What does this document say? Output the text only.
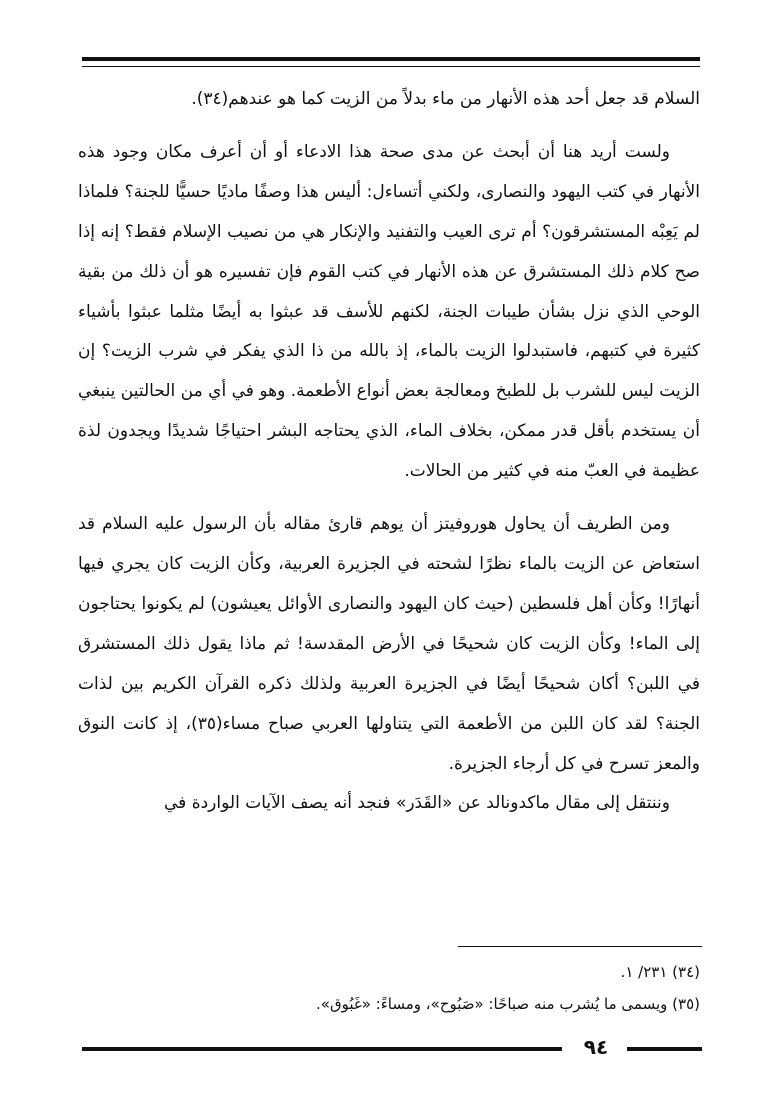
السلام قد جعل أحد هذه الأنهار من ماء بدلاً من الزيت كما هو عندهم(٣٤).

ولست أريد هنا أن أبحث عن مدى صحة هذا الادعاء أو أن أعرف مكان وجود هذه الأنهار في كتب اليهود والنصارى، ولكني أتساءل: أليس هذا وصفًا ماديًا حسيًّا للجنة؟ فلماذا لم يَعِبْه المستشرقون؟ أم ترى العيب والتفنيد والإنكار هي من نصيب الإسلام فقط؟ إنه إذا صح كلام ذلك المستشرق عن هذه الأنهار في كتب القوم فإن تفسيره هو أن ذلك من بقية الوحي الذي نزل بشأن طيبات الجنة، لكنهم للأسف قد عبثوا به أيضًا مثلما عبثوا بأشياء كثيرة في كتبهم، فاستبدلوا الزيت بالماء، إذ بالله من ذا الذي يفكر في شرب الزيت؟ إن الزيت ليس للشرب بل للطبخ ومعالجة بعض أنواع الأطعمة. وهو في أي من الحالتين ينبغي أن يستخدم بأقل قدر ممكن، بخلاف الماء، الذي يحتاجه البشر احتياجًا شديدًا ويجدون لذة عظيمة في العبّ منه في كثير من الحالات.

ومن الطريف أن يحاول هوروفيتز أن يوهم قارئ مقاله بأن الرسول عليه السلام قد استعاض عن الزيت بالماء نظرًا لشحته في الجزيرة العربية، وكأن الزيت كان يجري فيها أنهارًا! وكأن أهل فلسطين (حيث كان اليهود والنصارى الأوائل يعيشون) لم يكونوا يحتاجون إلى الماء! وكأن الزيت كان شحيحًا في الأرض المقدسة! ثم ماذا يقول ذلك المستشرق في اللبن؟ أكان شحيحًا أيضًا في الجزيرة العربية ولذلك ذكره القرآن الكريم بين لذات الجنة؟ لقد كان اللبن من الأطعمة التي يتناولها العربي صباح مساء(٣٥)، إذ كانت النوق والمعز تسرح في كل أرجاء الجزيرة.

وننتقل إلى مقال ماكدونالد عن «القَدَر» فنجد أنه يصف الآيات الواردة في

(٣٤) ٢٣١/ ١.

(٣٥) ويسمى ما يُشرب منه صباحًا: «صَبُوح»، ومساءً: «غَبُوق».

٩٤
